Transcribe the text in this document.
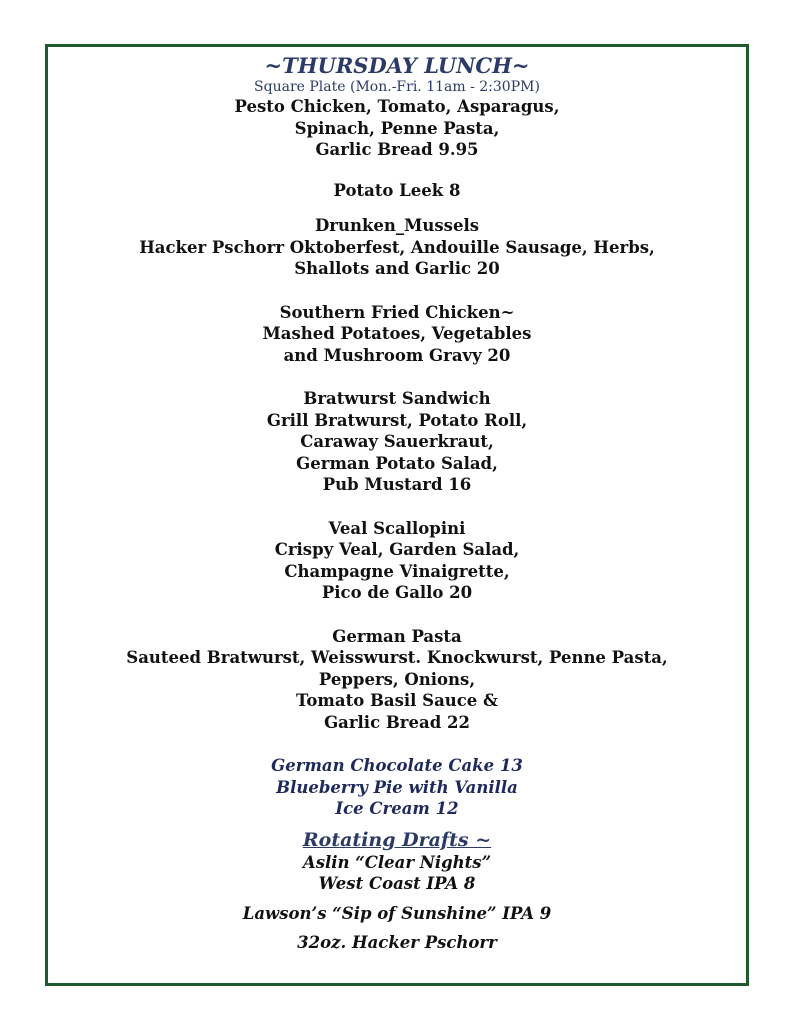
~THURSDAY LUNCH~

Square Plate (Mon.-Fri. 11am - 2:30PM)

Pesto Chicken, Tomato, Asparagus,

Spinach, Penne Pasta,

Garlic Bread 9.95

Potato Leek 8

Drunken_Mussels

Hacker Pschorr Oktoberfest, Andouille Sausage, Herbs,

Shallots and Garlic 20

Southern Fried Chicken~

Mashed Potatoes, Vegetables

and Mushroom Gravy 20

Bratwurst Sandwich

Grill Bratwurst, Potato Roll,

Caraway Sauerkraut,

German Potato Salad,

Pub Mustard 16

Veal Scallopini

Crispy Veal, Garden Salad,

Champagne Vinaigrette,

Pico de Gallo 20

German Pasta

Sauteed Bratwurst, Weisswurst. Knockwurst, Penne Pasta,

Peppers, Onions,

Tomato Basil Sauce &

Garlic Bread 22

German Chocolate Cake 13

Blueberry Pie with Vanilla

Ice Cream 12

Rotating Drafts ~

Aslin “Clear Nights”

West Coast IPA 8

Lawson’s “Sip of Sunshine” IPA 9

32oz. Hacker Pschorr
